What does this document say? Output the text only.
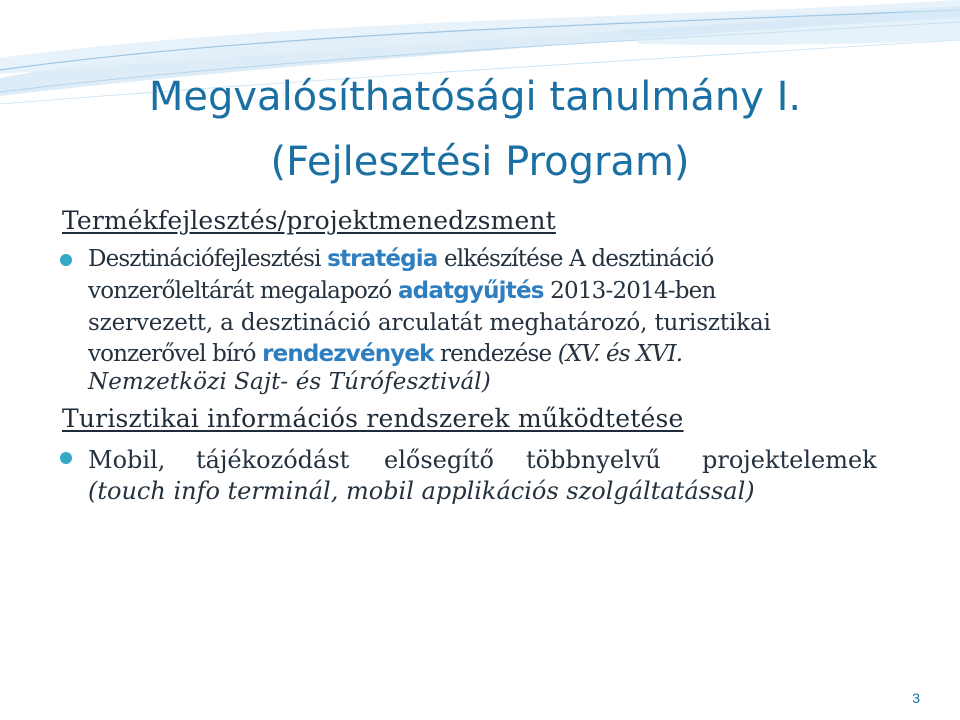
Megvalósíthatósági tanulmány I.
(Fejlesztési Program)
Termékfejlesztés/projektmenedzsment
Desztinációfejlesztési stratégia elkészítése A desztináció
vonzerőleltárát megalapozó adatgyűjtés 2013-2014-ben
szervezett, a desztináció arculatát meghatározó, turisztikai
vonzerővel bíró rendezvények rendezése (XV. és XVI.
Nemzetközi Sajt- és Túrófesztivál)
Turisztikai információs rendszerek működtetése
Mobil, tájékozódást elősegítő többnyelvű projektelemek
(touch info terminál, mobil applikációs szolgáltatással)
3
